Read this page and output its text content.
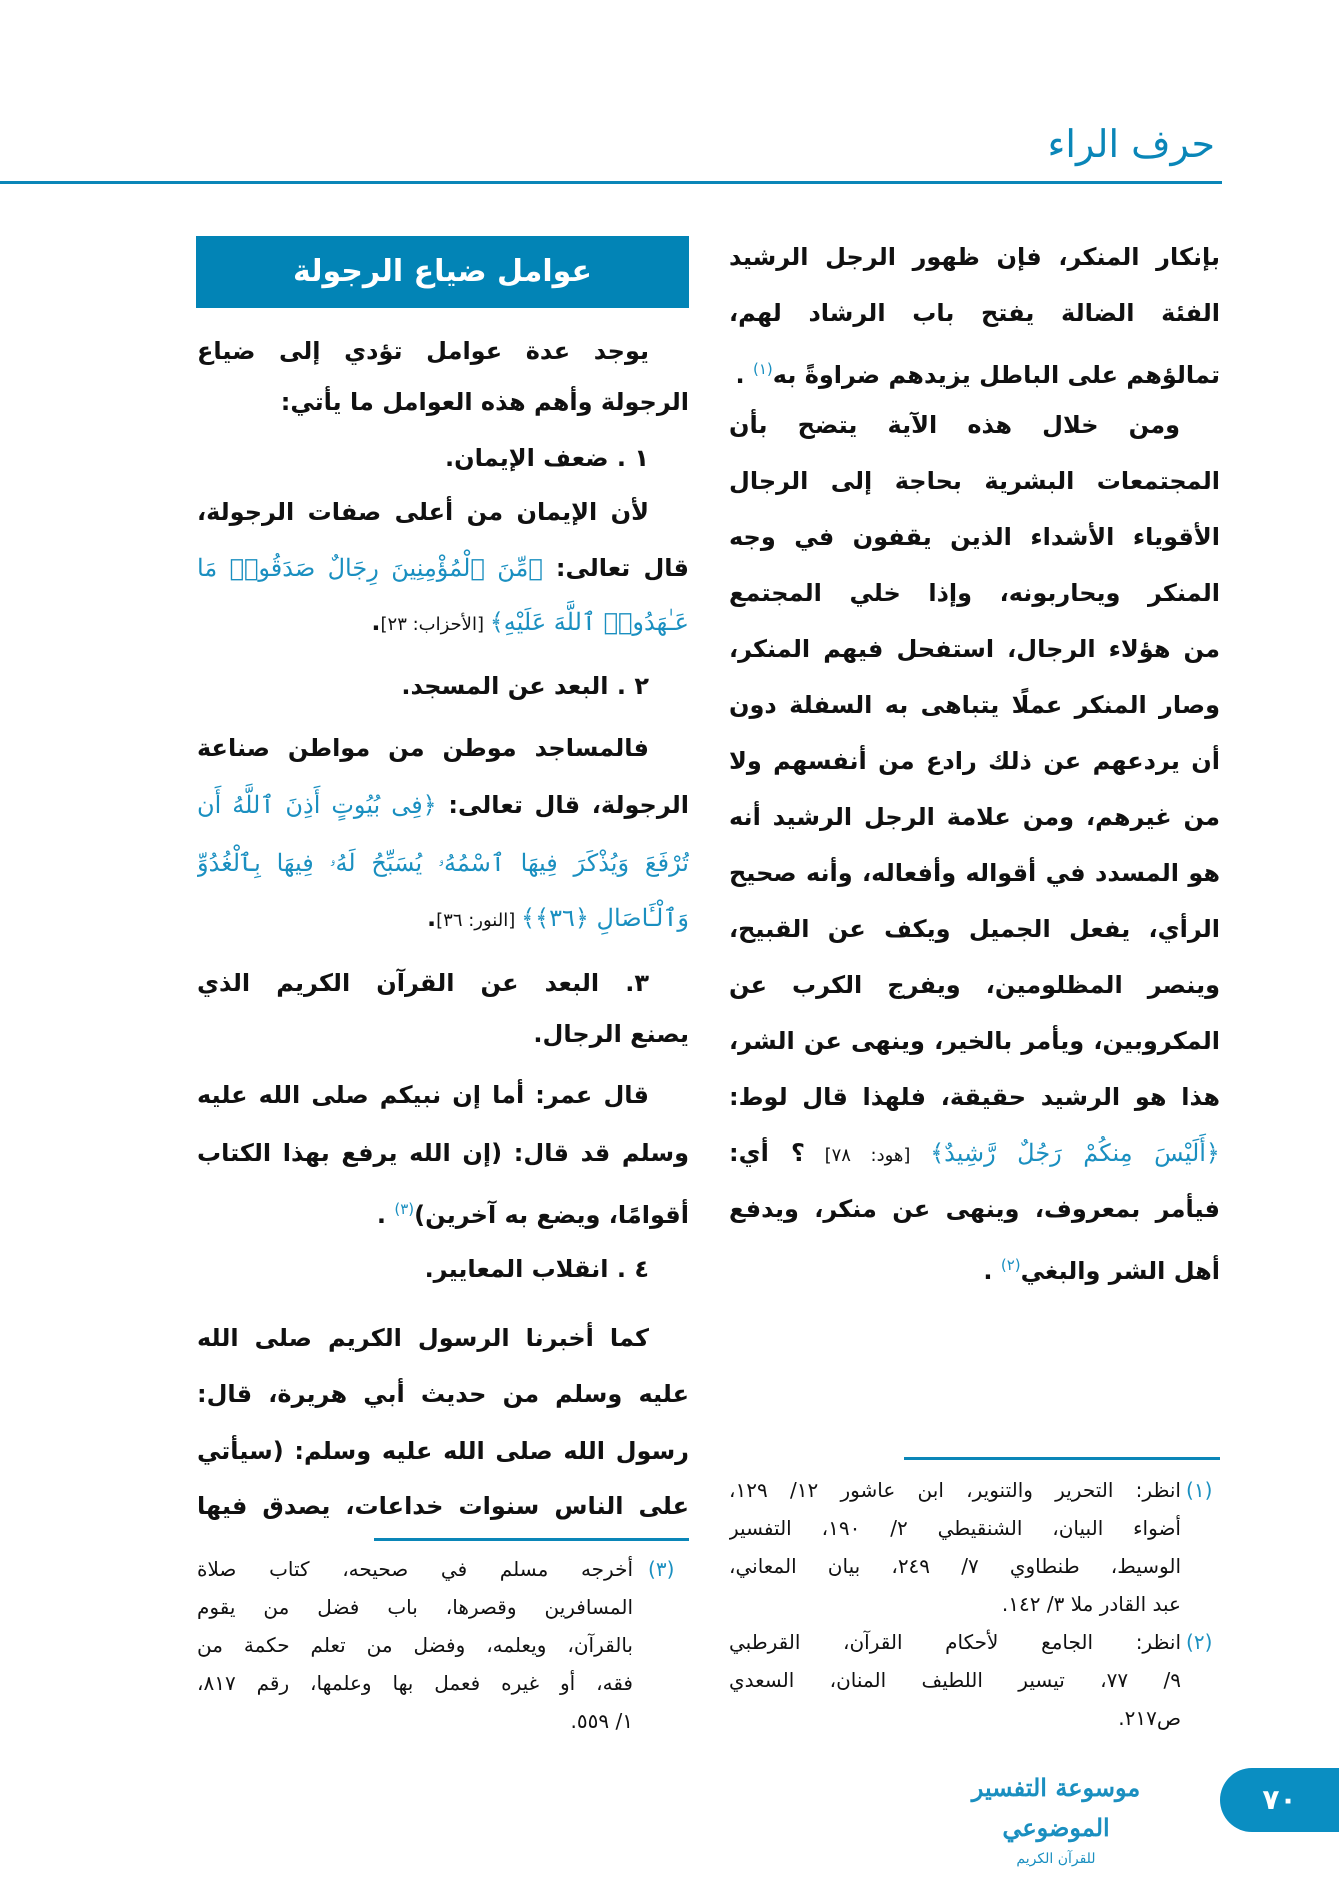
حرف الراء
بإنكار المنكر، فإن ظهور الرجل الرشيد
الفئة الضالة يفتح باب الرشاد لهم،
تمالؤهم على الباطل يزيدهم ضراوةً به$^{(١)}$ .
ومن خلال هذه الآية يتضح بأن
المجتمعات البشرية بحاجة إلى الرجال
الأقوياء الأشداء الذين يقفون في وجه
المنكر ويحاربونه، وإذا خلي المجتمع
من هؤلاء الرجال، استفحل فيهم المنكر،
وصار المنكر عملًا يتباهى به السفلة دون
أن يردعهم عن ذلك رادع من أنفسهم ولا
من غيرهم، ومن علامة الرجل الرشيد أنه
هو المسدد في أقواله وأفعاله، وأنه صحيح
الرأي، يفعل الجميل ويكف عن القبيح،
وينصر المظلومين، ويفرج الكرب عن
المكروبين، ويأمر بالخير، وينهى عن الشر،
هذا هو الرشيد حقيقة، فلهذا قال لوط:
﴿أَلَيْسَ مِنكُمْ رَجُلٌ رَّشِيدٌ﴾ [هود: ٧٨] ؟ أي:
فيأمر بمعروف، وينهى عن منكر، ويدفع
أهل الشر والبغي$^{(٢)}$ .
عوامل ضياع الرجولة
يوجد عدة عوامل تؤدي إلى ضياع
الرجولة وأهم هذه العوامل ما يأتي:
١ . ضعف الإيمان.
لأن الإيمان من أعلى صفات الرجولة،
قال تعالى: ﴿مِّنَ ٱلْمُؤْمِنِينَ رِجَالٌ صَدَقُوا۟ مَا
عَـٰهَدُوا۟ ٱللَّهَ عَلَيْهِ﴾ [الأحزاب: ٢٣].
٢ . البعد عن المسجد.
فالمساجد موطن من مواطن صناعة
الرجولة، قال تعالى: ﴿فِى بُيُوتٍ أَذِنَ ٱللَّهُ أَن
تُرْفَعَ وَيُذْكَرَ فِيهَا ٱسْمُهُۥ يُسَبِّحُ لَهُۥ فِيهَا بِٱلْغُدُوِّ
وَٱلْـَٔاصَالِ ﴿٣٦﴾﴾ [النور: ٣٦].
٣. البعد عن القرآن الكريم الذي
يصنع الرجال.
قال عمر: أما إن نبيكم صلى الله عليه
وسلم قد قال: (إن الله يرفع بهذا الكتاب
أقوامًا، ويضع به آخرين)$^{(٣)}$ .
٤ . انقلاب المعايير.
كما أخبرنا الرسول الكريم صلى الله
عليه وسلم من حديث أبي هريرة، قال:
رسول الله صلى الله عليه وسلم: (سيأتي
على الناس سنوات خداعات، يصدق فيها
(١)
انظر: التحرير والتنوير، ابن عاشور ١٢/ ١٢٩،
أضواء البيان، الشنقيطي ٢/ ١٩٠، التفسير
الوسيط، طنطاوي ٧/ ٢٤٩، بيان المعاني،
عبد القادر ملا ٣/ ١٤٢.
(٢)
انظر: الجامع لأحكام القرآن، القرطبي
٩/ ٧٧، تيسير اللطيف المنان، السعدي
ص٢١٧.
(٣)
أخرجه مسلم في صحيحه، كتاب صلاة
المسافرين وقصرها، باب فضل من يقوم
بالقرآن، ويعلمه، وفضل من تعلم حكمة من
فقه، أو غيره فعمل بها وعلمها، رقم ٨١٧،
١/ ٥٥٩.
موسوعة التفسير الموضوعي
للقرآن الكريم
٧٠
